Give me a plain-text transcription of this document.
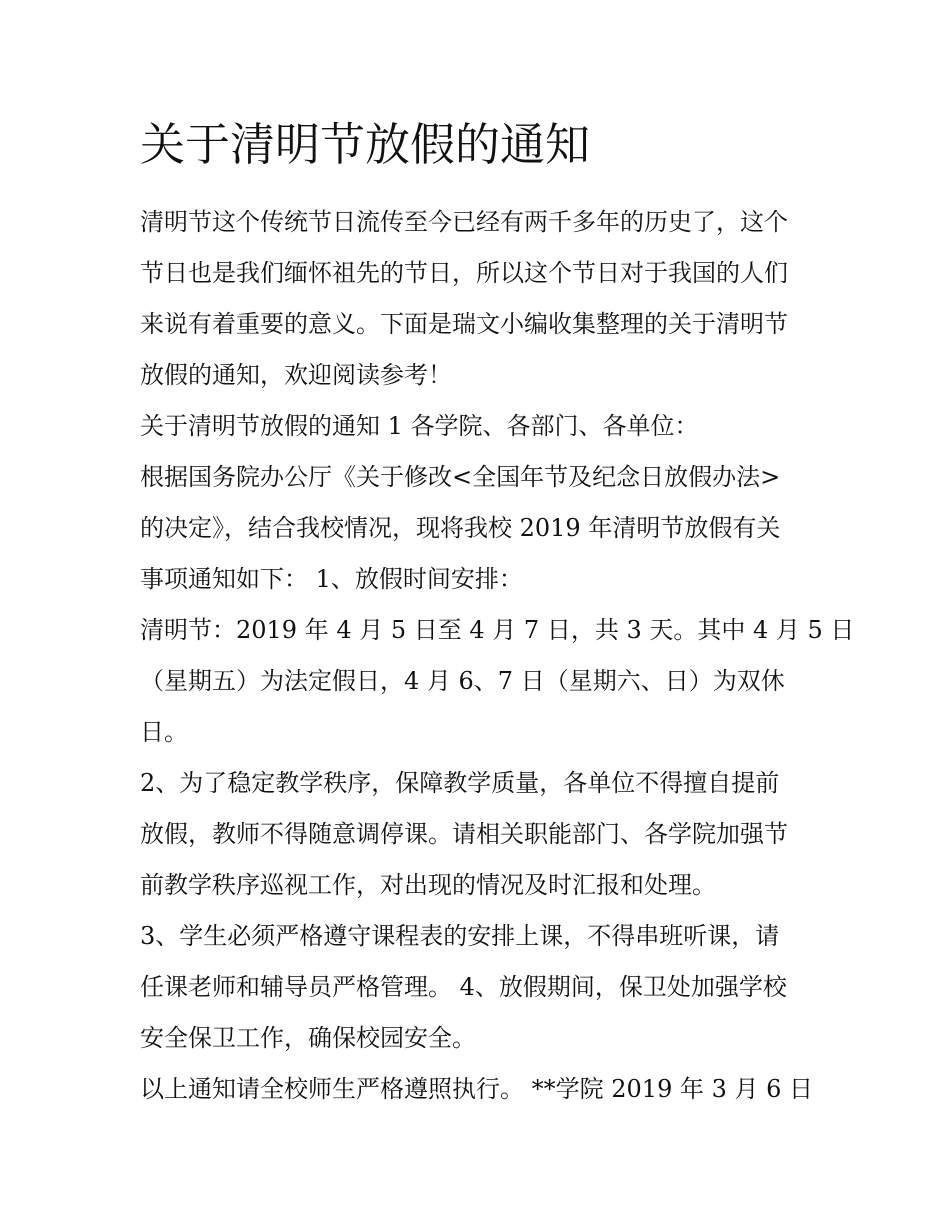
关于清明节放假的通知
清明节这个传统节日流传至今已经有两千多年的历史了，这个
节日也是我们缅怀祖先的节日，所以这个节日对于我国的人们
来说有着重要的意义。下面是瑞文小编收集整理的关于清明节
放假的通知，欢迎阅读参考！
关于清明节放假的通知 1 各学院、各部门、各单位：
根据国务院办公厅《关于修改<全国年节及纪念日放假办法>
的决定》，结合我校情况，现将我校 2019 年清明节放假有关
事项通知如下： 1、放假时间安排：
清明节：2019 年 4 月 5 日至 4 月 7 日，共 3 天。其中 4 月 5 日
（星期五）为法定假日，4 月 6、7 日（星期六、日）为双休
日。
2、为了稳定教学秩序，保障教学质量，各单位不得擅自提前
放假，教师不得随意调停课。请相关职能部门、各学院加强节
前教学秩序巡视工作，对出现的情况及时汇报和处理。
3、学生必须严格遵守课程表的安排上课，不得串班听课，请
任课老师和辅导员严格管理。 4、放假期间，保卫处加强学校
安全保卫工作，确保校园安全。
以上通知请全校师生严格遵照执行。 **学院 2019 年 3 月 6 日
